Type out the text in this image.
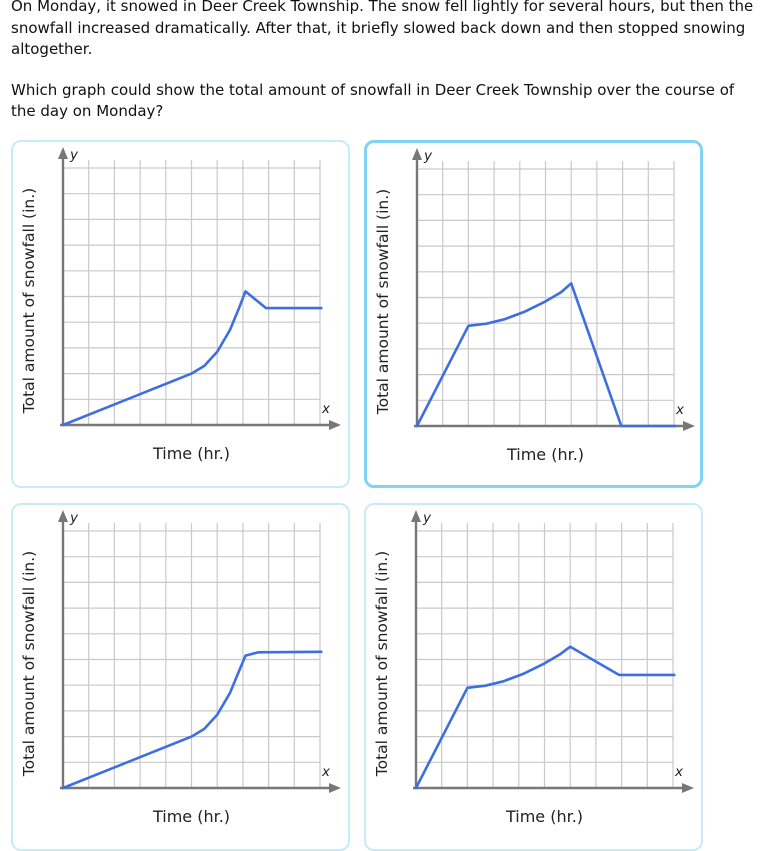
On Monday, it snowed in Deer Creek Township. The snow fell lightly for several hours, but then the snowfall increased dramatically. After that, it briefly slowed back down and then stopped snowing altogether.

Which graph could show the total amount of snowfall in Deer Creek Township over the course of the day on Monday?

y
x
Time (hr.)
Total amount of snowfall (in.)
y
x
Time (hr.)
Total amount of snowfall (in.)
y
x
Time (hr.)
Total amount of snowfall (in.)
y
x
Time (hr.)
Total amount of snowfall (in.)
